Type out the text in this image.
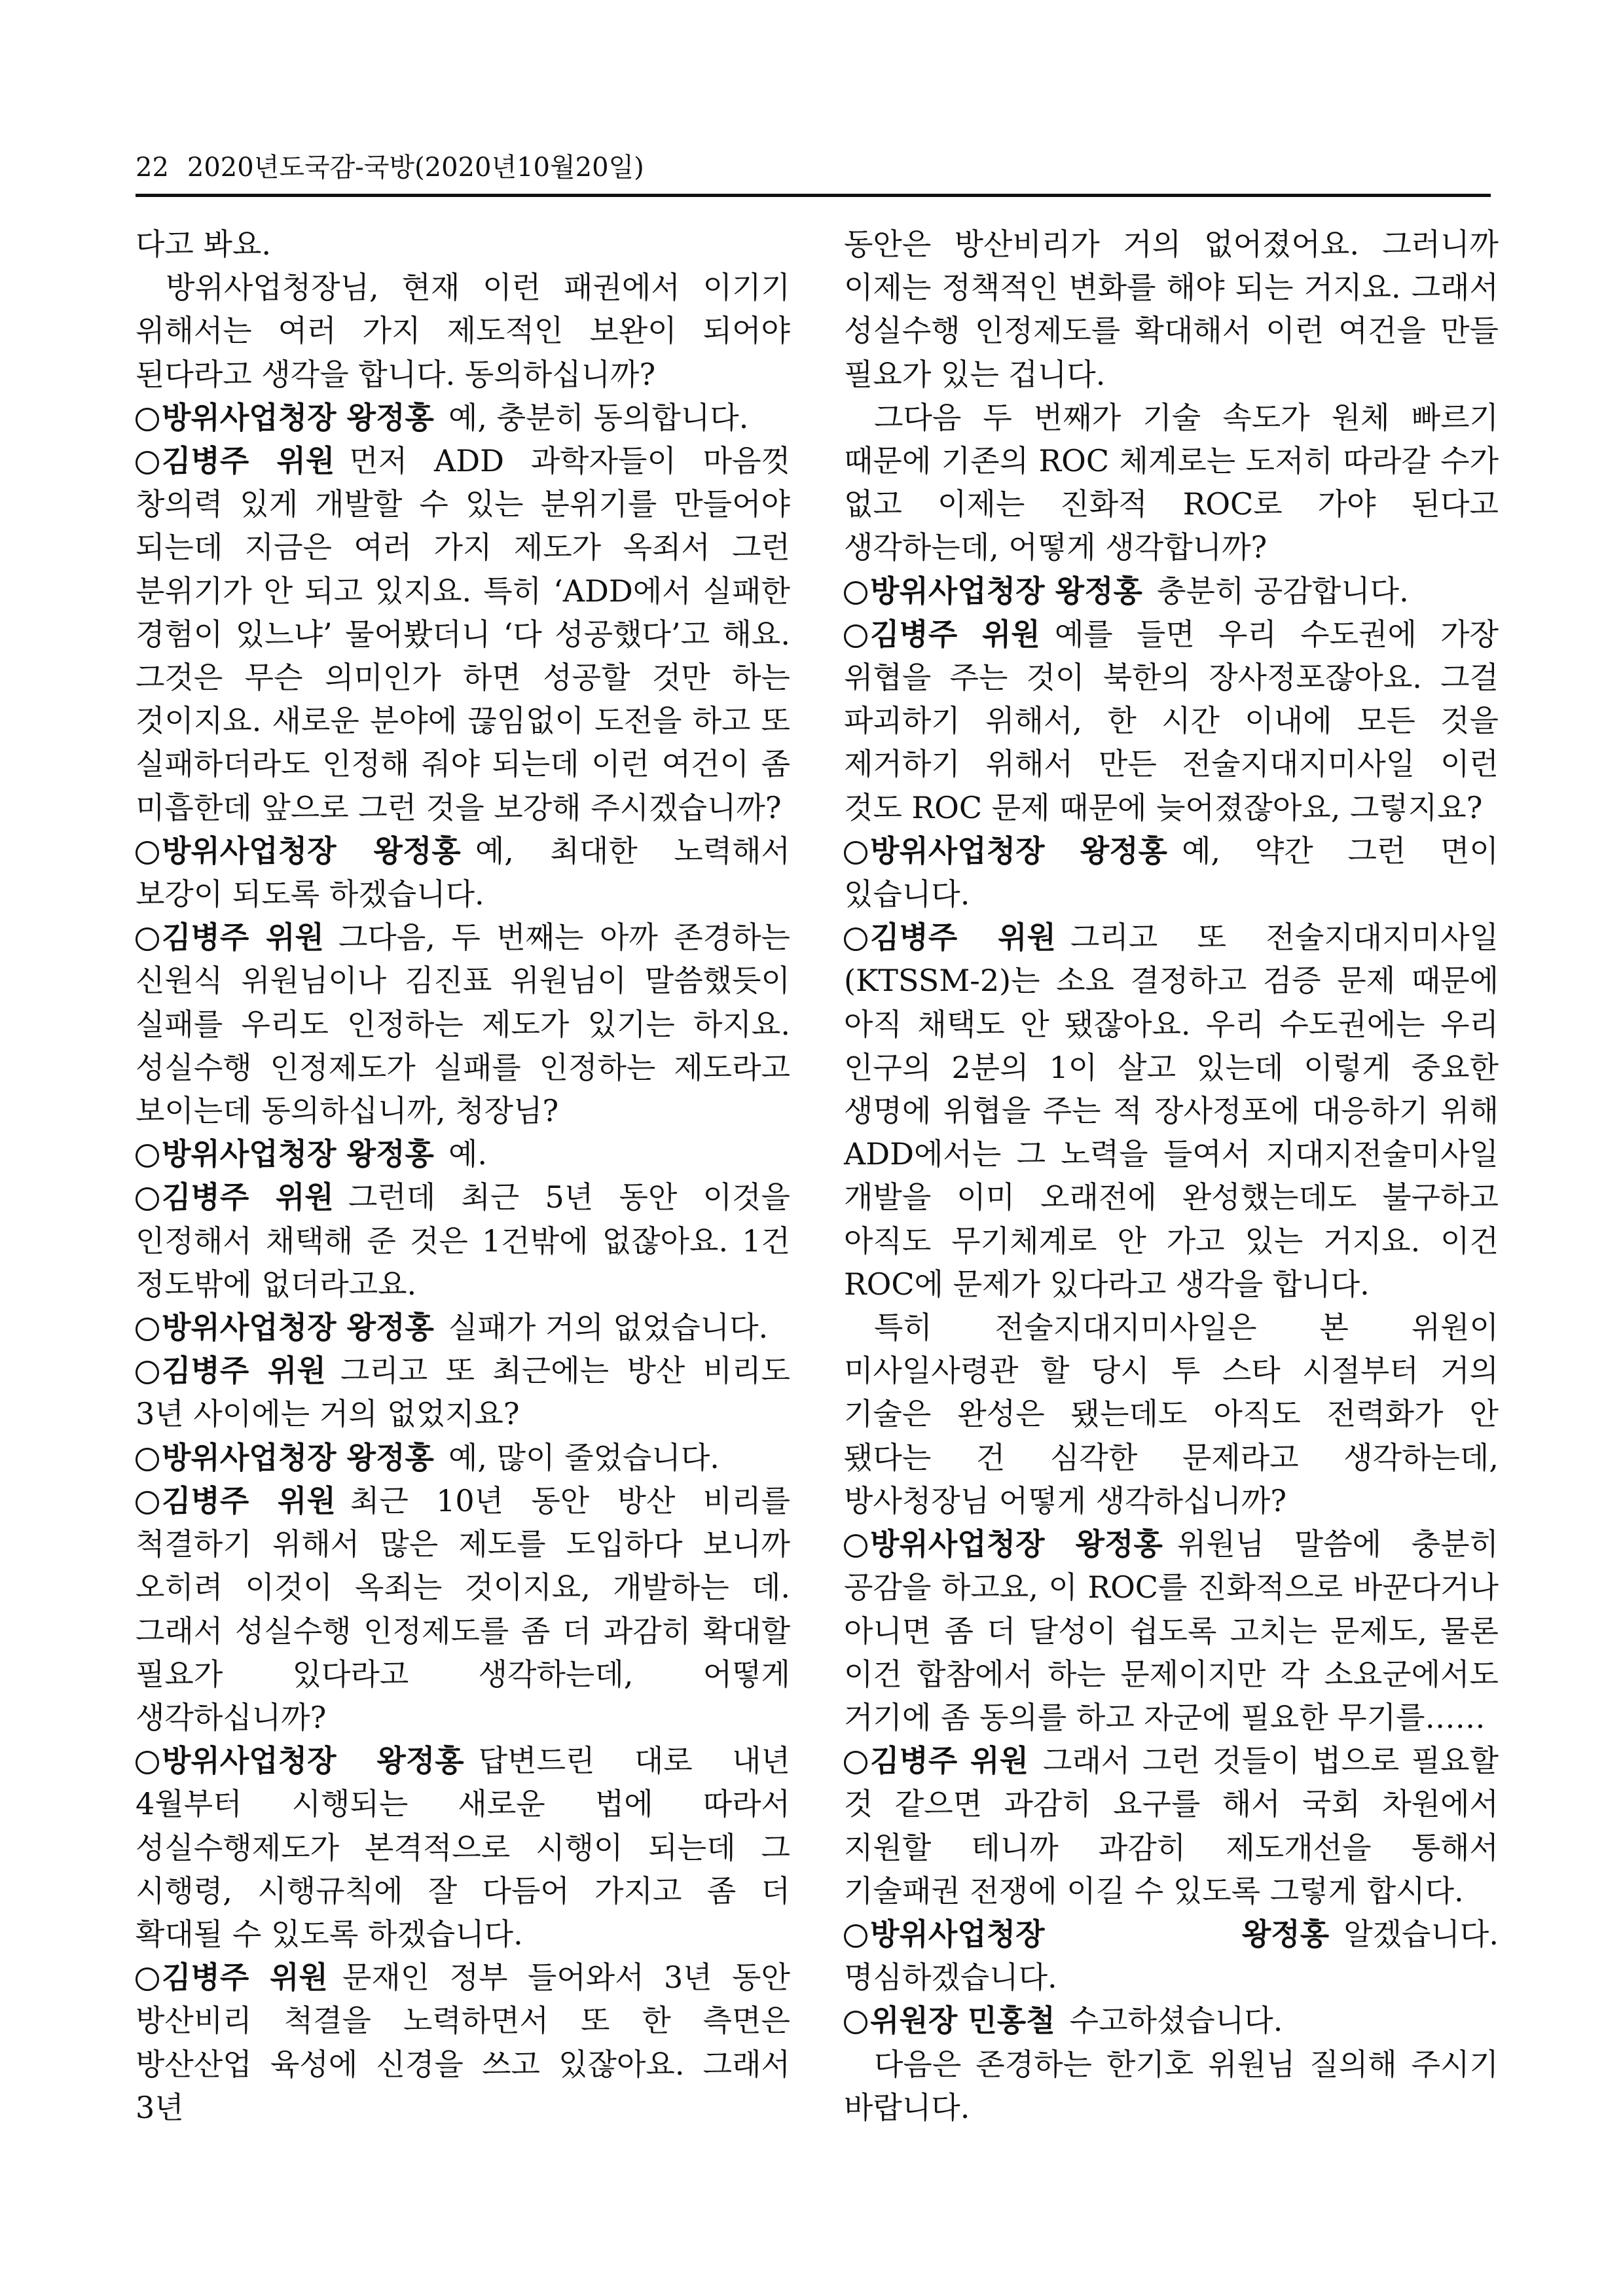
22 2020년도국감-국방(2020년10월20일)

다고 봐요.

방위사업청장님, 현재 이런 패권에서 이기기 위해서는 여러 가지 제도적인 보완이 되어야 된다라고 생각을 합니다. 동의하십니까?

방위사업청장 왕정홍 예, 충분히 동의합니다.

김병주 위원 먼저 ADD 과학자들이 마음껏 창의력 있게 개발할 수 있는 분위기를 만들어야 되는데 지금은 여러 가지 제도가 옥죄서 그런 분위기가 안 되고 있지요. 특히 ‘ADD에서 실패한 경험이 있느냐’ 물어봤더니 ‘다 성공했다’고 해요. 그것은 무슨 의미인가 하면 성공할 것만 하는 것이지요. 새로운 분야에 끊임없이 도전을 하고 또 실패하더라도 인정해 줘야 되는데 이런 여건이 좀 미흡한데 앞으로 그런 것을 보강해 주시겠습니까?

방위사업청장 왕정홍 예, 최대한 노력해서 보강이 되도록 하겠습니다.

김병주 위원 그다음, 두 번째는 아까 존경하는 신원식 위원님이나 김진표 위원님이 말씀했듯이 실패를 우리도 인정하는 제도가 있기는 하지요. 성실수행 인정제도가 실패를 인정하는 제도라고 보이는데 동의하십니까, 청장님?

방위사업청장 왕정홍 예.

김병주 위원 그런데 최근 5년 동안 이것을 인정해서 채택해 준 것은 1건밖에 없잖아요. 1건 정도밖에 없더라고요.

방위사업청장 왕정홍 실패가 거의 없었습니다.

김병주 위원 그리고 또 최근에는 방산 비리도 3년 사이에는 거의 없었지요?

방위사업청장 왕정홍 예, 많이 줄었습니다.

김병주 위원 최근 10년 동안 방산 비리를 척결하기 위해서 많은 제도를 도입하다 보니까 오히려 이것이 옥죄는 것이지요, 개발하는 데. 그래서 성실수행 인정제도를 좀 더 과감히 확대할 필요가 있다라고 생각하는데, 어떻게 생각하십니까?

방위사업청장 왕정홍 답변드린 대로 내년 4월부터 시행되는 새로운 법에 따라서 성실수행제도가 본격적으로 시행이 되는데 그 시행령, 시행규칙에 잘 다듬어 가지고 좀 더 확대될 수 있도록 하겠습니다.

김병주 위원 문재인 정부 들어와서 3년 동안 방산비리 척결을 노력하면서 또 한 측면은 방산산업 육성에 신경을 쓰고 있잖아요. 그래서 3년

동안은 방산비리가 거의 없어졌어요. 그러니까 이제는 정책적인 변화를 해야 되는 거지요. 그래서 성실수행 인정제도를 확대해서 이런 여건을 만들 필요가 있는 겁니다.

그다음 두 번째가 기술 속도가 원체 빠르기 때문에 기존의 ROC 체계로는 도저히 따라갈 수가 없고 이제는 진화적 ROC로 가야 된다고 생각하는데, 어떻게 생각합니까?

방위사업청장 왕정홍 충분히 공감합니다.

김병주 위원 예를 들면 우리 수도권에 가장 위협을 주는 것이 북한의 장사정포잖아요. 그걸 파괴하기 위해서, 한 시간 이내에 모든 것을 제거하기 위해서 만든 전술지대지미사일 이런 것도 ROC 문제 때문에 늦어졌잖아요, 그렇지요?

방위사업청장 왕정홍 예, 약간 그런 면이 있습니다.

김병주 위원 그리고 또 전술지대지미사일(KTSSM-2)는 소요 결정하고 검증 문제 때문에 아직 채택도 안 됐잖아요. 우리 수도권에는 우리 인구의 2분의 1이 살고 있는데 이렇게 중요한 생명에 위협을 주는 적 장사정포에 대응하기 위해 ADD에서는 그 노력을 들여서 지대지전술미사일 개발을 이미 오래전에 완성했는데도 불구하고 아직도 무기체계로 안 가고 있는 거지요. 이건 ROC에 문제가 있다라고 생각을 합니다.

특히 전술지대지미사일은 본 위원이 미사일사령관 할 당시 투 스타 시절부터 거의 기술은 완성은 됐는데도 아직도 전력화가 안 됐다는 건 심각한 문제라고 생각하는데, 방사청장님 어떻게 생각하십니까?

방위사업청장 왕정홍 위원님 말씀에 충분히 공감을 하고요, 이 ROC를 진화적으로 바꾼다거나 아니면 좀 더 달성이 쉽도록 고치는 문제도, 물론 이건 합참에서 하는 문제이지만 각 소요군에서도 거기에 좀 동의를 하고 자군에 필요한 무기를……

김병주 위원 그래서 그런 것들이 법으로 필요할 것 같으면 과감히 요구를 해서 국회 차원에서 지원할 테니까 과감히 제도개선을 통해서 기술패권 전쟁에 이길 수 있도록 그렇게 합시다.

방위사업청장 왕정홍 알겠습니다. 명심하겠습니다.

위원장 민홍철 수고하셨습니다.

다음은 존경하는 한기호 위원님 질의해 주시기 바랍니다.
